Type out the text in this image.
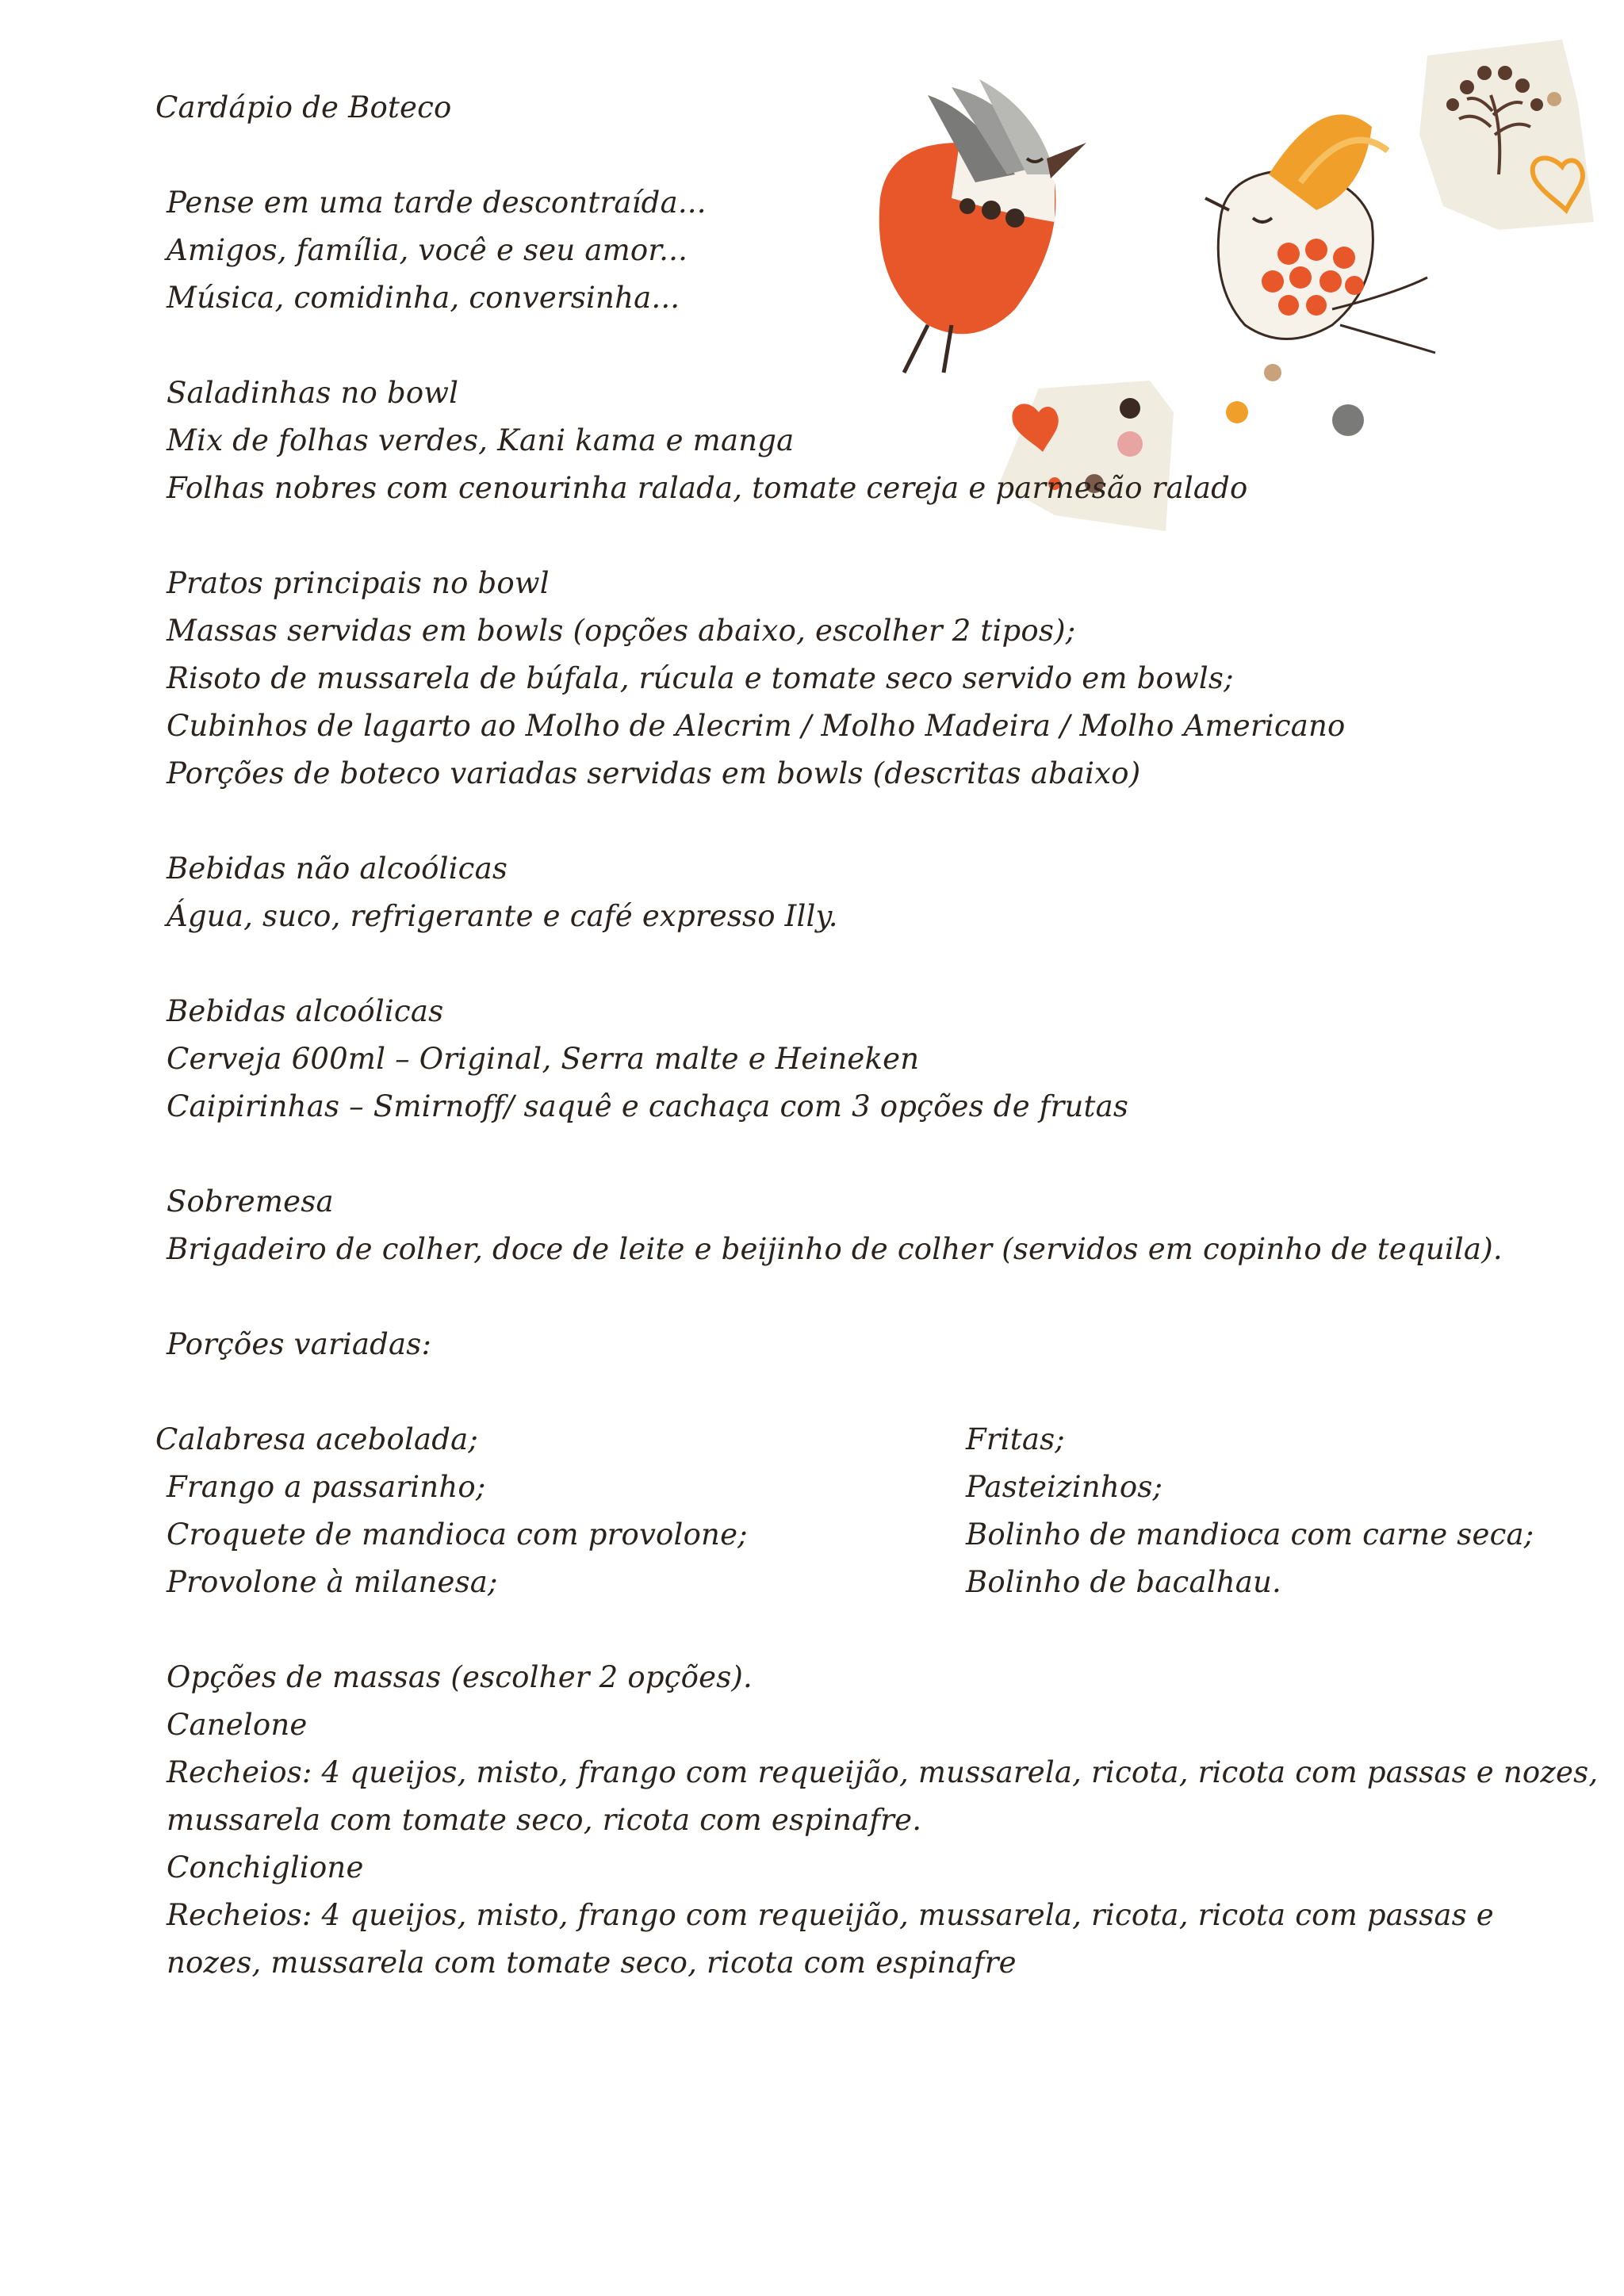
Cardápio de Boteco

Pense em uma tarde descontraída...

Amigos, família, você e seu amor...

Música, comidinha, conversinha...

Saladinhas no bowl

Mix de folhas verdes, Kani kama e manga

Folhas nobres com cenourinha ralada, tomate cereja e parmesão ralado

Pratos principais no bowl

Massas servidas em bowls (opções abaixo, escolher 2 tipos);

Risoto de mussarela de búfala, rúcula e tomate seco servido em bowls;

Cubinhos de lagarto ao Molho de Alecrim / Molho Madeira / Molho Americano

Porções de boteco variadas servidas em bowls (descritas abaixo)

Bebidas não alcoólicas

Água, suco, refrigerante e café expresso Illy.

Bebidas alcoólicas

Cerveja 600ml – Original, Serra malte e Heineken

Caipirinhas – Smirnoff/ saquê e cachaça com 3 opções de frutas

Sobremesa

Brigadeiro de colher, doce de leite e beijinho de colher (servidos em copinho de tequila).

Porções variadas:

Calabresa acebolada;

Frango a passarinho;

Croquete de mandioca com provolone;

Provolone à milanesa;

Fritas;

Pasteizinhos;

Bolinho de mandioca com carne seca;

Bolinho de bacalhau.

Opções de massas (escolher 2 opções).

Canelone

Recheios: 4 queijos, misto, frango com requeijão, mussarela, ricota, ricota com passas e nozes,

mussarela com tomate seco, ricota com espinafre.

Conchiglione

Recheios: 4 queijos, misto, frango com requeijão, mussarela, ricota, ricota com passas e

nozes, mussarela com tomate seco, ricota com espinafre
